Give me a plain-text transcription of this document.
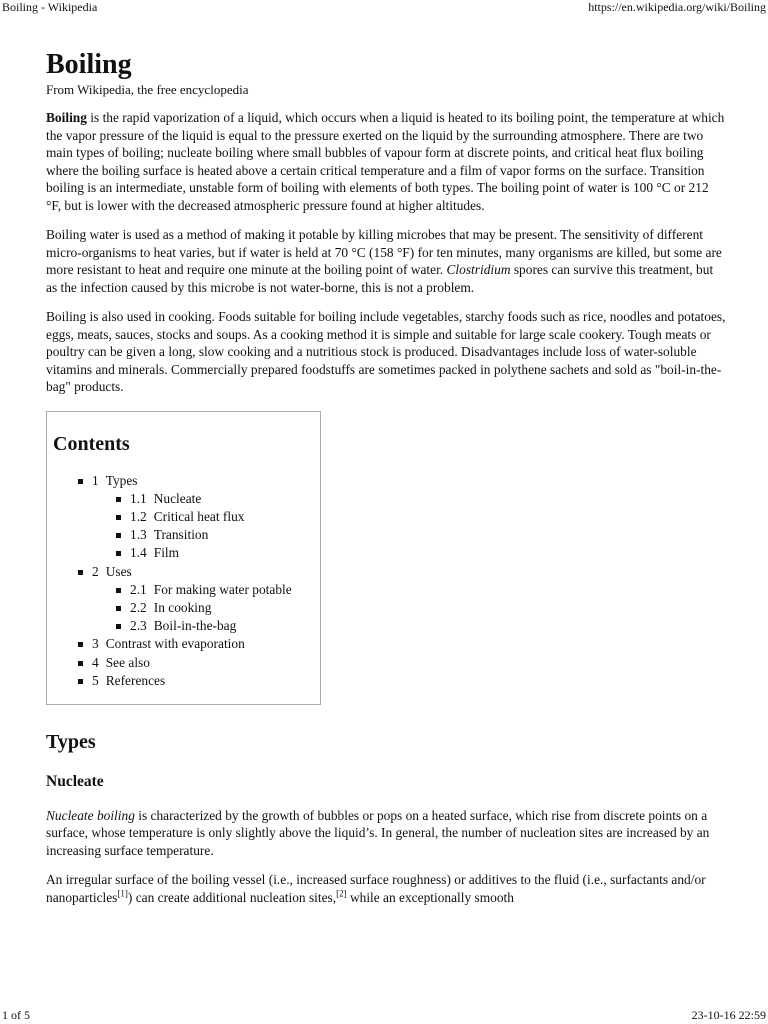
Boiling - Wikipedia	https://en.wikipedia.org/wiki/Boiling
Boiling
From Wikipedia, the free encyclopedia

Boiling is the rapid vaporization of a liquid, which occurs when a liquid is heated to its boiling point, the temperature at which the vapor pressure of the liquid is equal to the pressure exerted on the liquid by the surrounding atmosphere. There are two main types of boiling; nucleate boiling where small bubbles of vapour form at discrete points, and critical heat flux boiling where the boiling surface is heated above a certain critical temperature and a film of vapor forms on the surface. Transition boiling is an intermediate, unstable form of boiling with elements of both types. The boiling point of water is 100 °C or 212 °F, but is lower with the decreased atmospheric pressure found at higher altitudes.

Boiling water is used as a method of making it potable by killing microbes that may be present. The sensitivity of different micro-organisms to heat varies, but if water is held at 70 °C (158 °F) for ten minutes, many organisms are killed, but some are more resistant to heat and require one minute at the boiling point of water. Clostridium spores can survive this treatment, but as the infection caused by this microbe is not water-borne, this is not a problem.

Boiling is also used in cooking. Foods suitable for boiling include vegetables, starchy foods such as rice, noodles and potatoes, eggs, meats, sauces, stocks and soups. As a cooking method it is simple and suitable for large scale cookery. Tough meats or poultry can be given a long, slow cooking and a nutritious stock is produced. Disadvantages include loss of water-soluble vitamins and minerals. Commercially prepared foodstuffs are sometimes packed in polythene sachets and sold as "boil-in-the-bag" products.

Contents
1 Types
1.1 Nucleate
1.2 Critical heat flux
1.3 Transition
1.4 Film
2 Uses
2.1 For making water potable
2.2 In cooking
2.3 Boil-in-the-bag
3 Contrast with evaporation
4 See also
5 References
Types
Nucleate

Nucleate boiling is characterized by the growth of bubbles or pops on a heated surface, which rise from discrete points on a surface, whose temperature is only slightly above the liquid’s. In general, the number of nucleation sites are increased by an increasing surface temperature.

An irregular surface of the boiling vessel (i.e., increased surface roughness) or additives to the fluid (i.e., surfactants and/or nanoparticles[1]) can create additional nucleation sites,[2] while an exceptionally smooth

1 of 5	23-10-16 22:59
